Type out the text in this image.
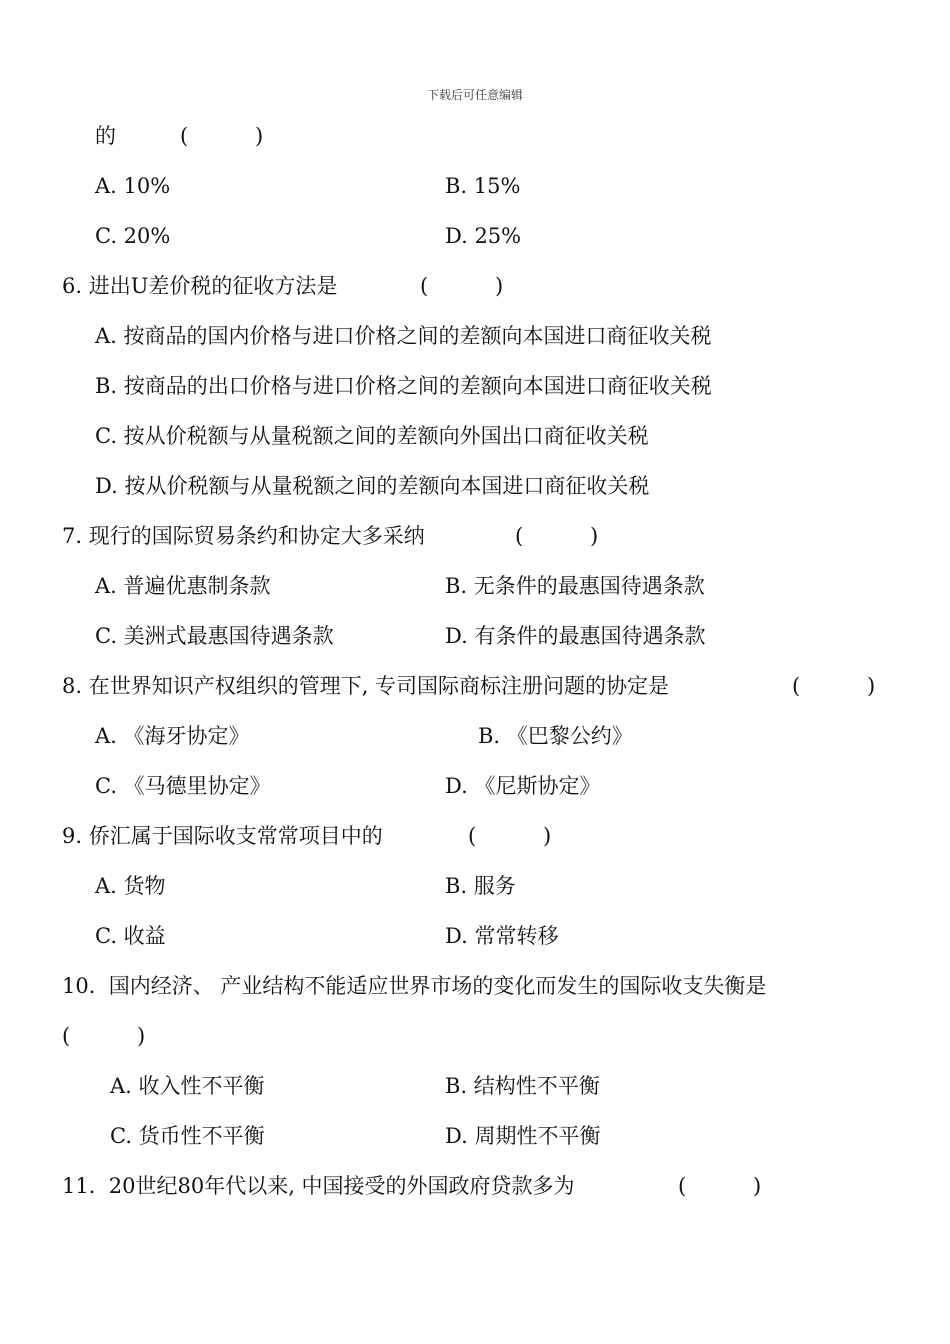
下载后可任意编辑
的	(          )
A. 10%	B. 15%
C. 20%	D. 25%
6. 进出U差价税的征收方法是	(          )
A. 按商品的国内价格与进口价格之间的差额向本国进口商征收关税
B. 按商品的出口价格与进口价格之间的差额向本国进口商征收关税
C. 按从价税额与从量税额之间的差额向外国出口商征收关税
D. 按从价税额与从量税额之间的差额向本国进口商征收关税
7. 现行的国际贸易条约和协定大多采纳	(          )
A. 普遍优惠制条款	B. 无条件的最惠国待遇条款
C. 美洲式最惠国待遇条款	D. 有条件的最惠国待遇条款
8. 在世界知识产权组织的管理下, 专司国际商标注册问题的协定是	(          )
A. 《海牙协定》	B. 《巴黎公约》
C. 《马德里协定》	D. 《尼斯协定》
9. 侨汇属于国际收支常常项目中的	(          )
A. 货物	B. 服务
C. 收益	D. 常常转移
10.  国内经济、 产业结构不能适应世界市场的变化而发生的国际收支失衡是
(          )
A. 收入性不平衡	B. 结构性不平衡
C. 货币性不平衡	D. 周期性不平衡
11.  20世纪80年代以来, 中国接受的外国政府贷款多为	(          )
